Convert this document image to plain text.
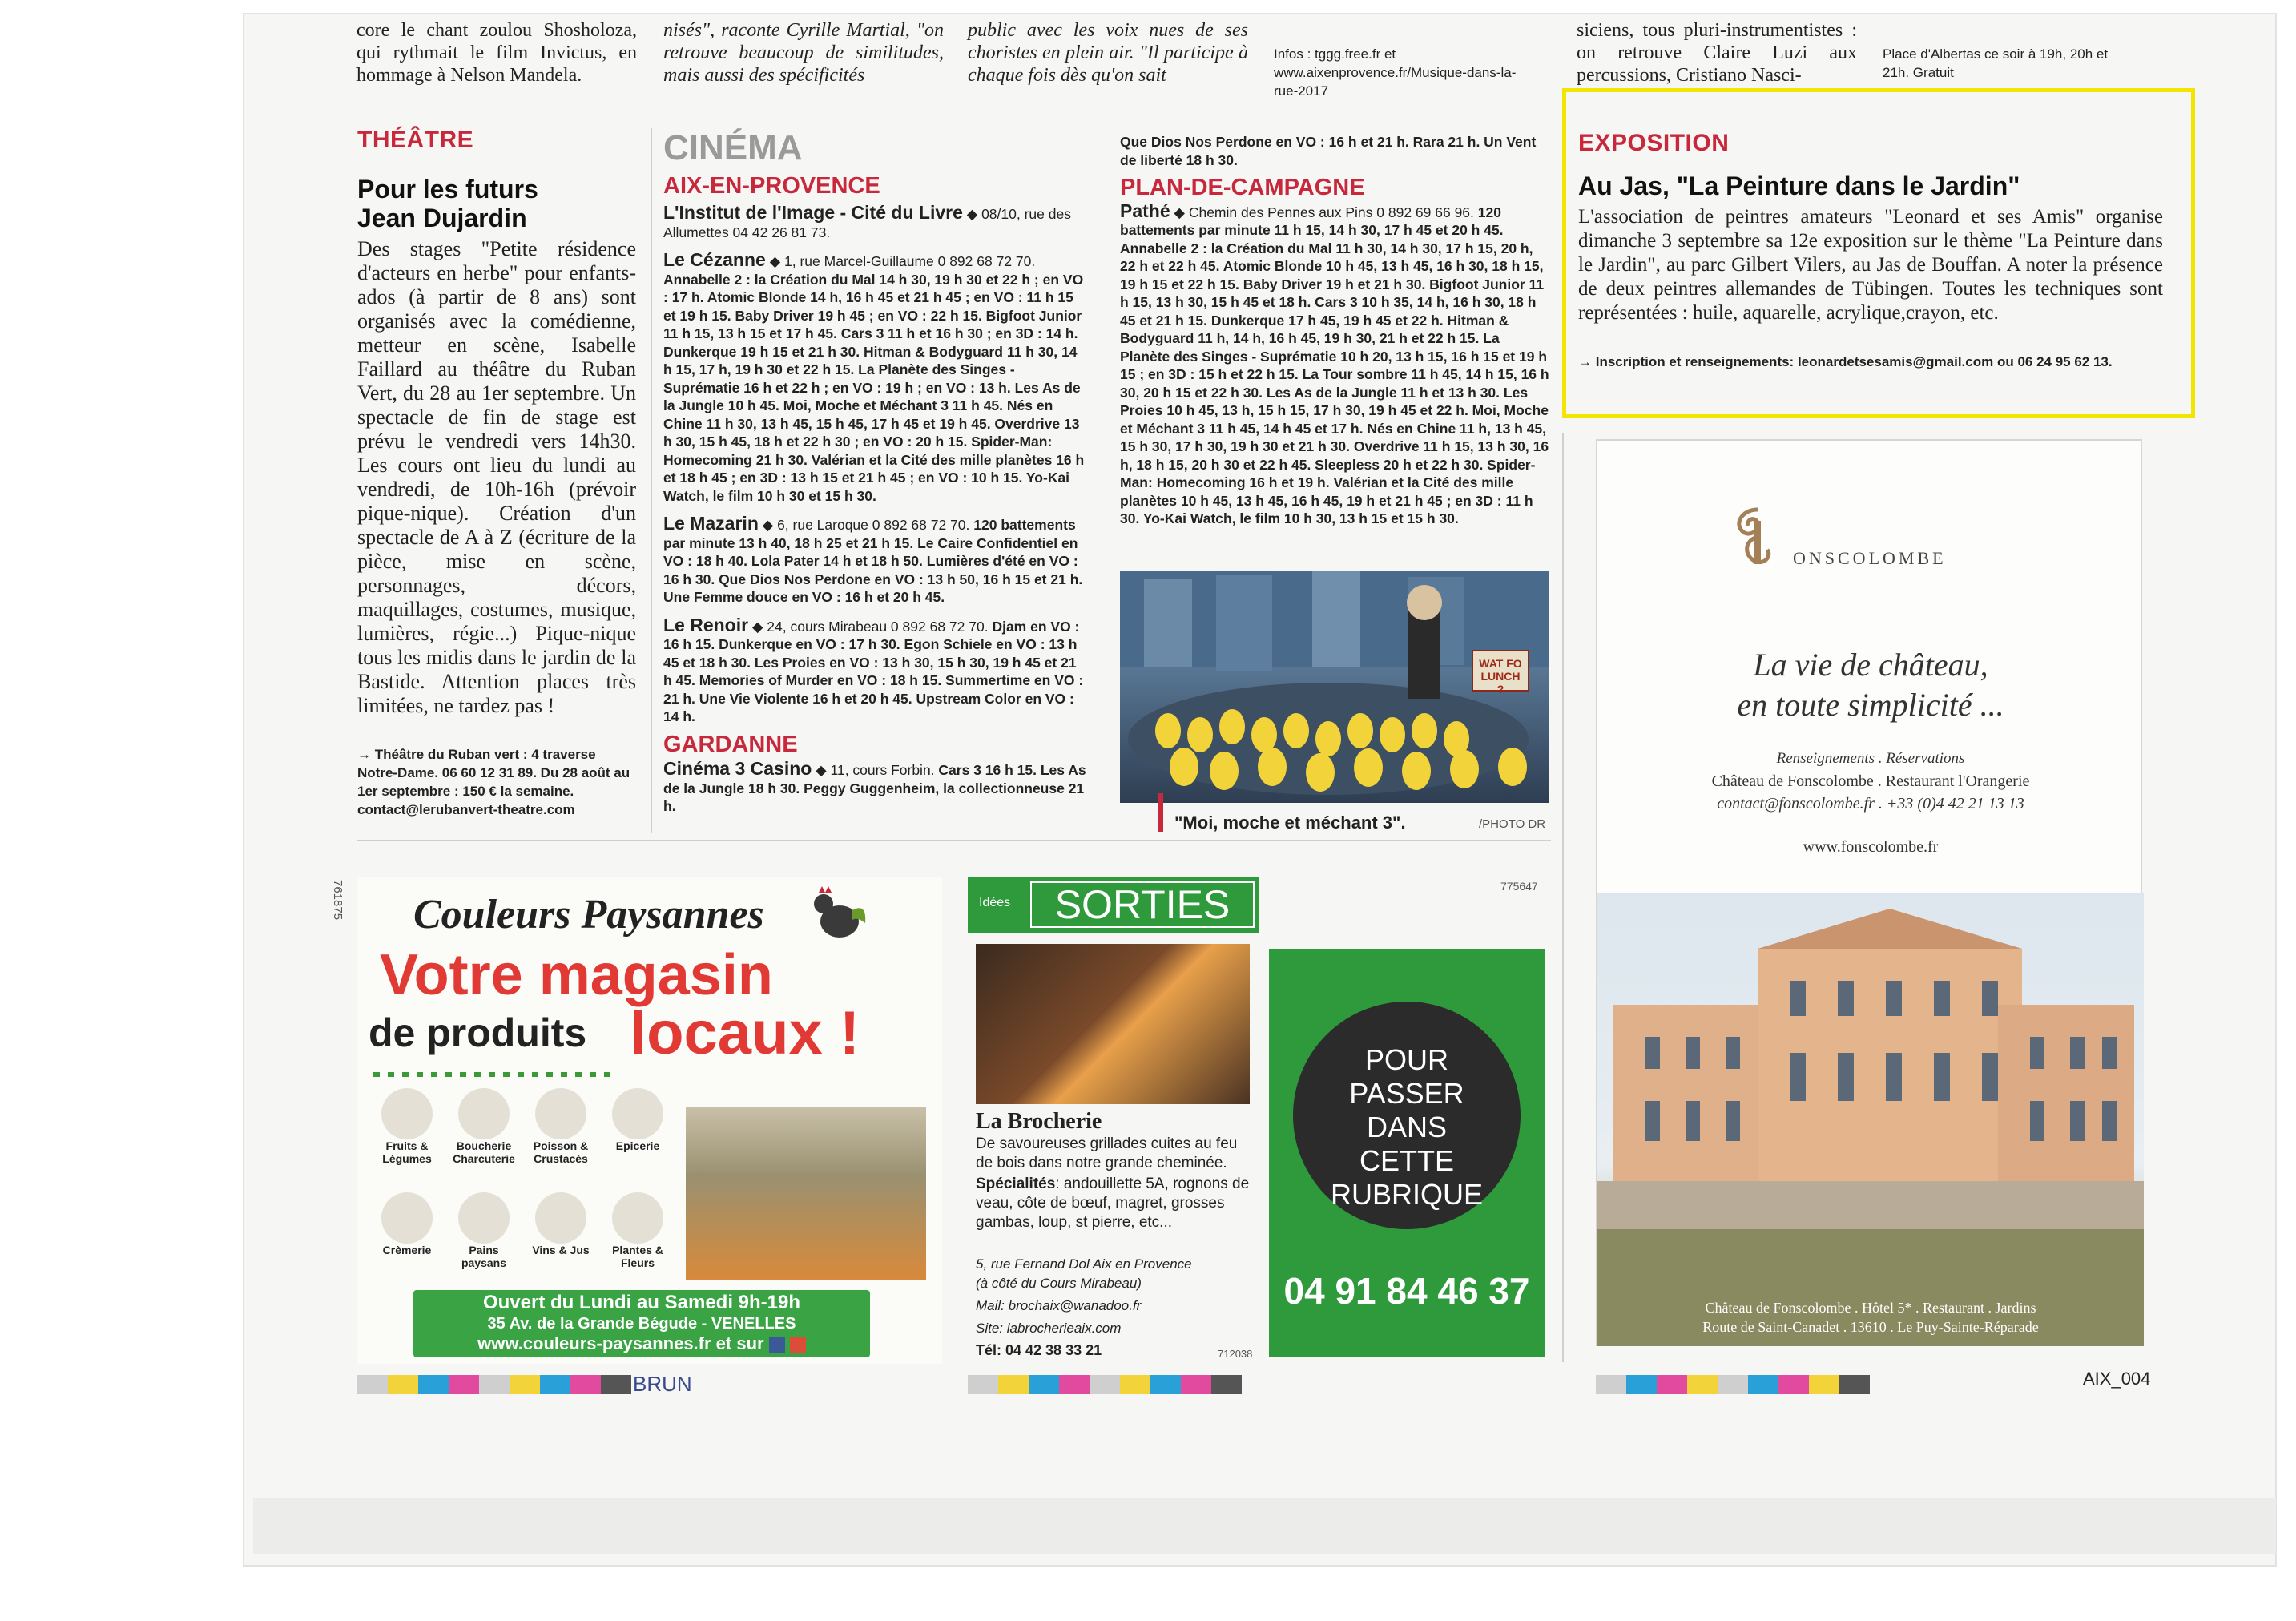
core le chant zoulou Shosholoza, qui rythmait le film Invictus, en hommage à Nelson Mandela.
nisés", raconte Cyrille Martial, "on retrouve beaucoup de similitudes, mais aussi des spécificités
public avec les voix nues de ses choristes en plein air. "Il participe à chaque fois dès qu'on sait
Infos : tggg.free.fr et www.aixenprovence.fr/Musique-dans-la-rue-2017
siciens, tous pluri-instrumentistes : on retrouve Claire Luzi aux percussions, Cristiano Nasci-
Place d'Albertas ce soir à 19h, 20h et 21h. Gratuit
THÉÂTRE
Pour les futurs Jean Dujardin
Des stages "Petite résidence d'acteurs en herbe" pour enfants-ados (à partir de 8 ans) sont organisés avec la comédienne, metteur en scène, Isabelle Faillard au théâtre du Ruban Vert, du 28 au 1er septembre. Un spectacle de fin de stage est prévu le vendredi vers 14h30. Les cours ont lieu du lundi au vendredi, de 10h-16h (prévoir pique-nique). Création d'un spectacle de A à Z (écriture de la pièce, mise en scène, personnages, décors, maquillages, costumes, musique, lumières, régie...) Pique-nique tous les midis dans le jardin de la Bastide. Attention places très limitées, ne tardez pas !
→ Théâtre du Ruban vert : 4 traverse Notre-Dame. 06 60 12 31 89. Du 28 août au 1er septembre : 150 € la semaine. contact@lerubanvert-theatre.com
CINÉMA
AIX-EN-PROVENCE
L'Institut de l'Image - Cité du Livre ◆ 08/10, rue des Allumettes 04 42 26 81 73.
Le Cézanne ◆ 1, rue Marcel-Guillaume 0 892 68 72 70. Annabelle 2 : la Création du Mal 14 h 30, 19 h 30 et 22 h ; en VO : 17 h. Atomic Blonde 14 h, 16 h 45 et 21 h 45 ; en VO : 11 h 15 et 19 h 15. Baby Driver 19 h 45 ; en VO : 22 h 15. Bigfoot Junior 11 h 15, 13 h 15 et 17 h 45. Cars 3 11 h et 16 h 30 ; en 3D : 14 h. Dunkerque 19 h 15 et 21 h 30. Hitman & Bodyguard 11 h 30, 14 h 15, 17 h, 19 h 30 et 22 h 15. La Planète des Singes - Suprématie 16 h et 22 h ; en VO : 19 h ; en VO : 13 h. Les As de la Jungle 10 h 45. Moi, Moche et Méchant 3 11 h 45. Nés en Chine 11 h 30, 13 h 45, 15 h 45, 17 h 45 et 19 h 45. Overdrive 13 h 30, 15 h 45, 18 h et 22 h 30 ; en VO : 20 h 15. Spider-Man: Homecoming 21 h 30. Valérian et la Cité des mille planètes 16 h et 18 h 45 ; en 3D : 13 h 15 et 21 h 45 ; en VO : 10 h 15. Yo-Kai Watch, le film 10 h 30 et 15 h 30.
Le Mazarin ◆ 6, rue Laroque 0 892 68 72 70. 120 battements par minute 13 h 40, 18 h 25 et 21 h 15. Le Caire Confidentiel en VO : 18 h 40. Lola Pater 14 h et 18 h 50. Lumières d'été en VO : 16 h 30. Que Dios Nos Perdone en VO : 13 h 50, 16 h 15 et 21 h. Une Femme douce en VO : 16 h et 20 h 45.
Le Renoir ◆ 24, cours Mirabeau 0 892 68 72 70. Djam en VO : 16 h 15. Dunkerque en VO : 17 h 30. Egon Schiele en VO : 13 h 45 et 18 h 30. Les Proies en VO : 13 h 30, 15 h 30, 19 h 45 et 21 h 45. Memories of Murder en VO : 18 h 15. Summertime en VO : 21 h. Une Vie Violente 16 h et 20 h 45. Upstream Color en VO : 14 h.
GARDANNE
Cinéma 3 Casino ◆ 11, cours Forbin. Cars 3 16 h 15. Les As de la Jungle 18 h 30. Peggy Guggenheim, la collectionneuse 21 h.
Que Dios Nos Perdone en VO : 16 h et 21 h. Rara 21 h. Un Vent de liberté 18 h 30.
PLAN-DE-CAMPAGNE
Pathé ◆ Chemin des Pennes aux Pins 0 892 69 66 96. 120 battements par minute 11 h 15, 14 h 30, 17 h 45 et 20 h 45. Annabelle 2 : la Création du Mal 11 h 30, 14 h 30, 17 h 15, 20 h, 22 h et 22 h 45. Atomic Blonde 10 h 45, 13 h 45, 16 h 30, 18 h 15, 19 h 15 et 22 h 15. Baby Driver 19 h et 21 h 30. Bigfoot Junior 11 h 15, 13 h 30, 15 h 45 et 18 h. Cars 3 10 h 35, 14 h, 16 h 30, 18 h 45 et 21 h 15. Dunkerque 17 h 45, 19 h 45 et 22 h. Hitman & Bodyguard 11 h, 14 h, 16 h 45, 19 h 30, 21 h et 22 h 15. La Planète des Singes - Suprématie 10 h 20, 13 h 15, 16 h 15 et 19 h 15 ; en 3D : 15 h et 22 h 15. La Tour sombre 11 h 45, 14 h 15, 16 h 30, 20 h 15 et 22 h 30. Les As de la Jungle 11 h et 13 h 30. Les Proies 10 h 45, 13 h, 15 h 15, 17 h 30, 19 h 45 et 22 h. Moi, Moche et Méchant 3 11 h 45, 14 h 45 et 17 h. Nés en Chine 11 h, 13 h 45, 15 h 30, 17 h 30, 19 h 30 et 21 h 30. Overdrive 11 h 15, 13 h 30, 16 h, 18 h 15, 20 h 30 et 22 h 45. Sleepless 20 h et 22 h 30. Spider-Man: Homecoming 16 h et 19 h. Valérian et la Cité des mille planètes 10 h 45, 13 h 45, 16 h 45, 19 h et 21 h 45 ; en 3D : 11 h 30. Yo-Kai Watch, le film 10 h 30, 13 h 15 et 15 h 30.
WAT FO LUNCH ?
"Moi, moche et méchant 3".	/PHOTO DR
EXPOSITION
Au Jas, "La Peinture dans le Jardin"
L'association de peintres amateurs "Leonard et ses Amis" organise dimanche 3 septembre sa 12e exposition sur le thème "La Peinture dans le Jardin", au parc Gilbert Vilers, au Jas de Bouffan. A noter la présence de deux peintres allemandes de Tübingen. Toutes les techniques sont représentées : huile, aquarelle, acrylique,crayon, etc.
→ Inscription et renseignements: leonardetsesamis@gmail.com ou 06 24 95 62 13.
ONSCOLOMBE
La vie de château,
en toute simplicité ...
Renseignements . Réservations
Château de Fonscolombe . Restaurant l'Orangerie
contact@fonscolombe.fr . +33 (0)4 42 21 13 13
www.fonscolombe.fr
Château de Fonscolombe . Hôtel 5* . Restaurant . Jardins
Route de Saint-Canadet . 13610 . Le Puy-Sainte-Réparade
761875 Couleurs Paysannes
Votre magasin
de produits locaux !
Fruits & Légumes
Boucherie Charcuterie
Poisson & Crustacés
Epicerie
Crèmerie	Pains paysans
Vins & Jus	Plantes & Fleurs
Ouvert du Lundi au Samedi 9h-19h
35 Av. de la Grande Bégude - VENELLES
www.couleurs-paysannes.fr et sur
775647
Idées	SORTIES
La Brocherie
De savoureuses grillades cuites au feu de bois dans notre grande cheminée.
Spécialités: andouillette 5A, rognons de veau, côte de bœuf, magret, grosses gambas, loup, st pierre, etc...
5, rue Fernand Dol Aix en Provence
(à côté du Cours Mirabeau)
Mail: brochaix@wanadoo.fr
Site: labrocherieaix.com
Tél: 04 42 38 33 21	712038
POUR PASSER DANS CETTE RUBRIQUE
04 91 84 46 37
BRUN	AIX_004
